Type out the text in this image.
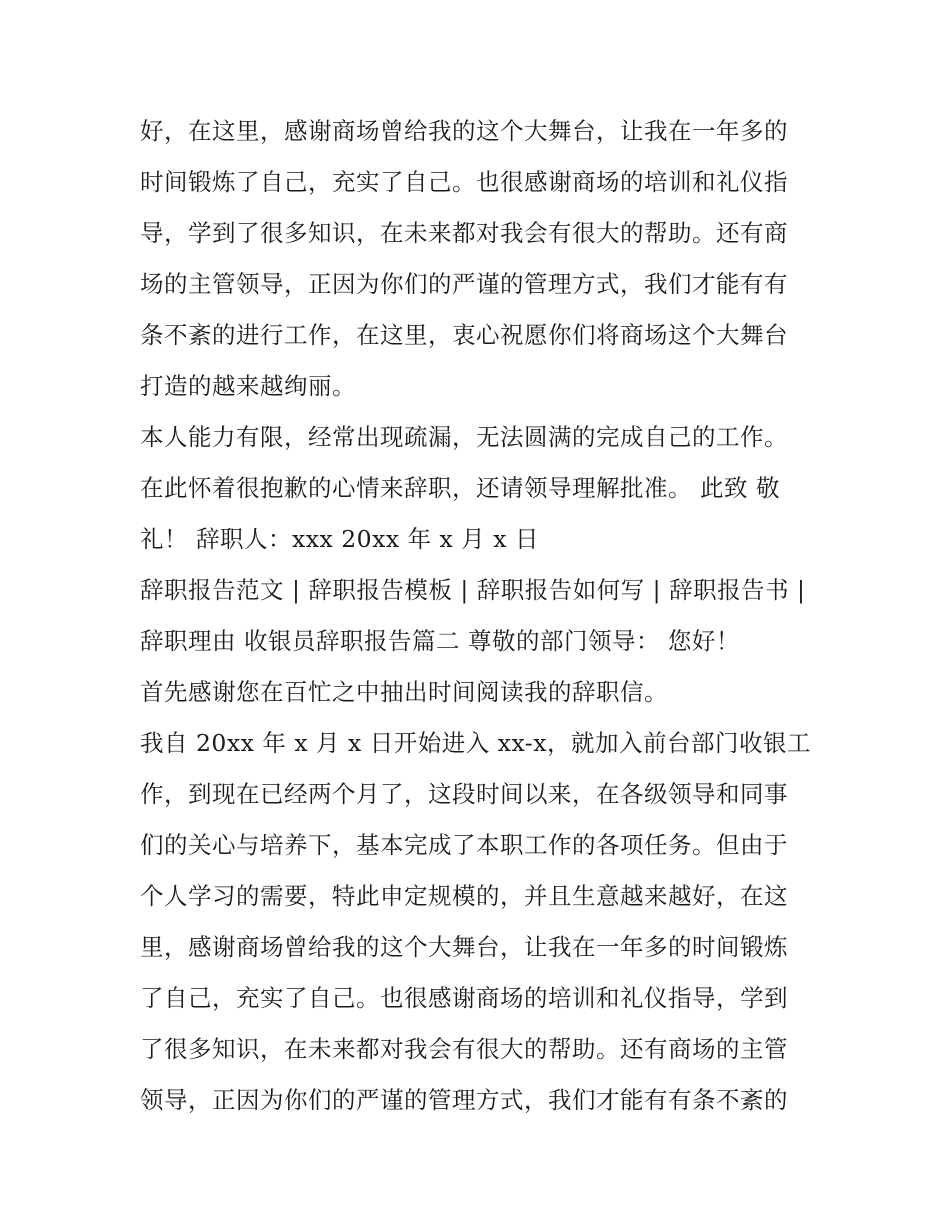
好，在这里，感谢商场曾给我的这个大舞台，让我在一年多的
时间锻炼了自己，充实了自己。也很感谢商场的培训和礼仪指
导，学到了很多知识，在未来都对我会有很大的帮助。还有商
场的主管领导，正因为你们的严谨的管理方式，我们才能有有
条不紊的进行工作，在这里，衷心祝愿你们将商场这个大舞台
打造的越来越绚丽。
本人能力有限，经常出现疏漏，无法圆满的完成自己的工作。
在此怀着很抱歉的心情来辞职，还请领导理解批准。 此致 敬
礼！ 辞职人：xxx 20xx 年 x 月 x 日
辞职报告范文 | 辞职报告模板 | 辞职报告如何写 | 辞职报告书 |
辞职理由 收银员辞职报告篇二 尊敬的部门领导： 您好！
首先感谢您在百忙之中抽出时间阅读我的辞职信。
我自 20xx 年 x 月 x 日开始进入 xx-x，就加入前台部门收银工
作，到现在已经两个月了，这段时间以来，在各级领导和同事
们的关心与培养下，基本完成了本职工作的各项任务。但由于
个人学习的需要，特此申定规模的，并且生意越来越好，在这
里，感谢商场曾给我的这个大舞台，让我在一年多的时间锻炼
了自己，充实了自己。也很感谢商场的培训和礼仪指导，学到
了很多知识，在未来都对我会有很大的帮助。还有商场的主管
领导，正因为你们的严谨的管理方式，我们才能有有条不紊的
